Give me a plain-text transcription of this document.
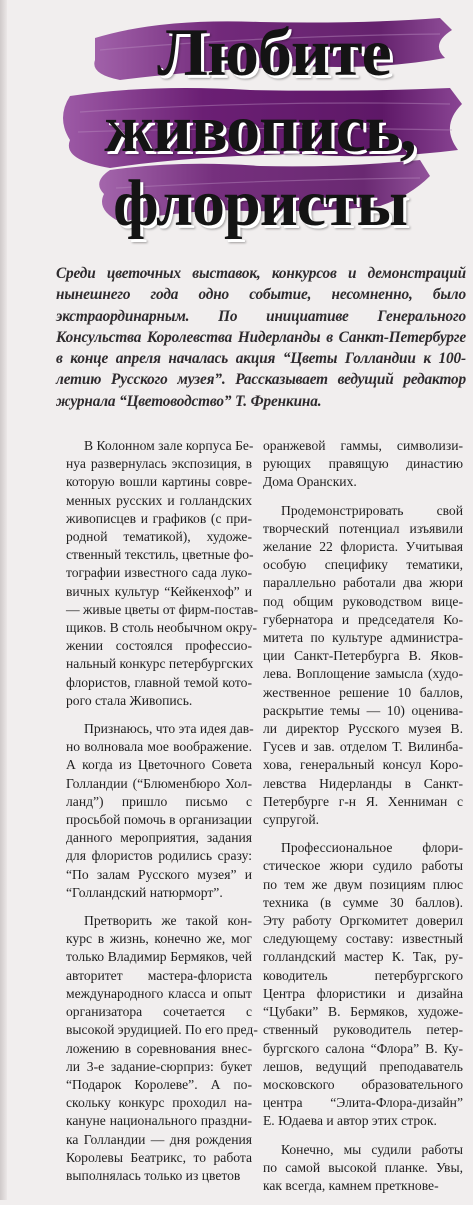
Любите
живопись,
флористы

Среди цветочных выставок, конкурсов и демонстраций нынешнего года одно событие, несомненно, было экстраординарным. По инициативе Генерального Консульства Королевства Нидерланды в Санкт-Петербурге в конце апреля началась акция “Цветы Голландии к 100-летию Русского музея”. Рассказывает ведущий редактор журнала “Цветоводство” Т. Френкина.

В Колонном зале корпуса Бе-
нуа развернулась экспозиция, в
которую вошли картины совре-
менных русских и голландских
живописцев и графиков (с при-
родной тематикой), художе-
ственный текстиль, цветные фо-
тографии известного сада луко-
вичных культур “Кейкенхоф” и
— живые цветы от фирм-постав-
щиков. В столь необычном окру-
жении состоялся профессио-
нальный конкурс петербургских
флористов, главной темой кото-
рого стала Живопись.
Признаюсь, что эта идея дав-
но волновала мое воображение.
А когда из Цветочного Совета
Голландии (“Блюменбюро Хол-
ланд”) пришло письмо с
просьбой помочь в организации
данного мероприятия, задания
для флористов родились сразу:
“По залам Русского музея” и
“Голландский натюрморт”.
Претворить же такой кон-
курс в жизнь, конечно же, мог
только Владимир Бермяков, чей
авторитет мастера-флориста
международного класса и опыт
организатора сочетается с
высокой эрудицией. По его пред-
ложению в соревнования внес-
ли 3-е задание-сюрприз: букет
“Подарок Королеве”. А по-
скольку конкурс проходил на-
кануне национального праздни-
ка Голландии — дня рождения
Королевы Беатрикс, то работа
выполнялась только из цветов
оранжевой гаммы, символизи-
рующих правящую династию
Дома Оранских.
Продемонстрировать свой
творческий потенциал изъявили
желание 22 флориста. Учитывая
особую специфику тематики,
параллельно работали два жюри
под общим руководством вице-
губернатора и председателя Ко-
митета по культуре администра-
ции Санкт-Петербурга В. Яков-
лева. Воплощение замысла (худо-
жественное решение 10 баллов,
раскрытие темы — 10) оценива-
ли директор Русского музея В.
Гусев и зав. отделом Т. Вилинба-
хова, генеральный консул Коро-
левства Нидерланды в Санкт-
Петербурге г-н Я. Хенниман с
супругой.
Профессиональное флори-
стическое жюри судило работы
по тем же двум позициям плюс
техника (в сумме 30 баллов).
Эту работу Оргкомитет доверил
следующему составу: известный
голландский мастер К. Так, ру-
ководитель петербургского
Центра флористики и дизайна
“Цубаки” В. Бермяков, художе-
ственный руководитель петер-
бургского салона “Флора” В. Ку-
лешов, ведущий преподаватель
московского образовательного
центра “Элита-Флора-дизайн”
Е. Юдаева и автор этих строк.
Конечно, мы судили работы
по самой высокой планке. Увы,
как всегда, камнем преткнове-
